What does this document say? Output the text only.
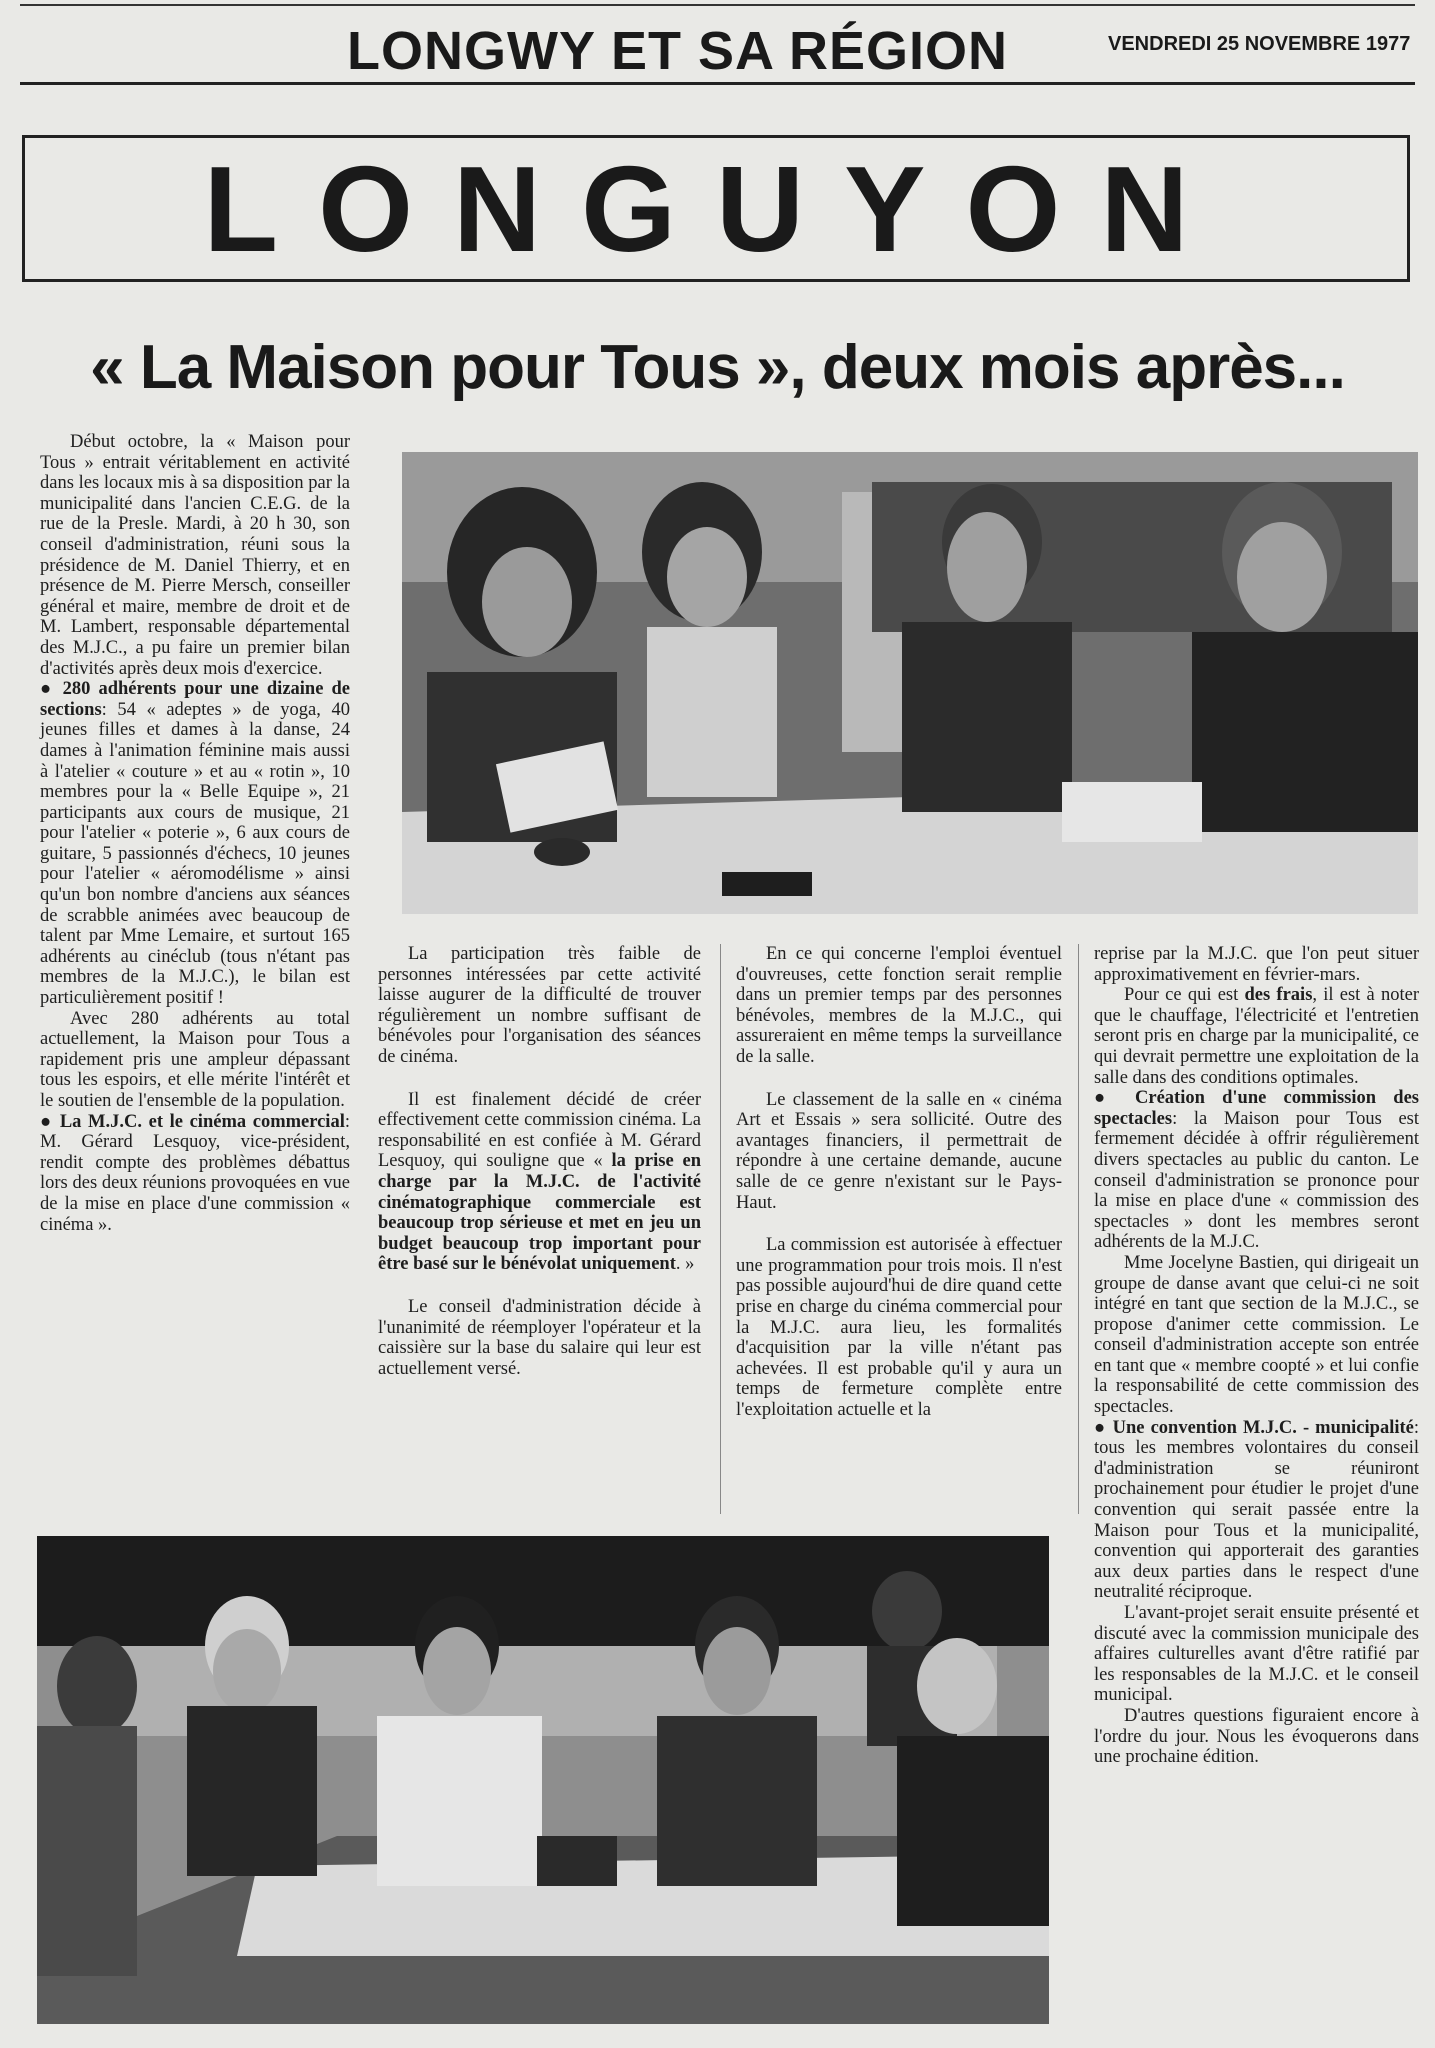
LONGWY ET SA RÉGION	VENDREDI 25 NOVEMBRE 1977
LONGUYON
« La Maison pour Tous », deux mois après...

Début octobre, la « Maison pour Tous » entrait véritablement en activité dans les locaux mis à sa disposition par la municipalité dans l'ancien C.E.G. de la rue de la Presle. Mardi, à 20 h 30, son conseil d'administration, réuni sous la présidence de M. Daniel Thierry, et en présence de M. Pierre Mersch, conseiller général et maire, membre de droit et de M. Lambert, responsable départemental des M.J.C., a pu faire un premier bilan d'activités après deux mois d'exercice.

● 280 adhérents pour une dizaine de sections: 54 « adeptes » de yoga, 40 jeunes filles et dames à la danse, 24 dames à l'animation féminine mais aussi à l'atelier « couture » et au « rotin », 10 membres pour la « Belle Equipe », 21 participants aux cours de musique, 21 pour l'atelier « poterie », 6 aux cours de guitare, 5 passionnés d'échecs, 10 jeunes pour l'atelier « aéromodélisme » ainsi qu'un bon nombre d'anciens aux séances de scrabble animées avec beaucoup de talent par Mme Lemaire, et surtout 165 adhérents au cinéclub (tous n'étant pas membres de la M.J.C.), le bilan est particulièrement positif !

Avec 280 adhérents au total actuellement, la Maison pour Tous a rapidement pris une ampleur dépassant tous les espoirs, et elle mérite l'intérêt et le soutien de l'ensemble de la population.

● La M.J.C. et le cinéma commercial: M. Gérard Lesquoy, vice-président, rendit compte des problèmes débattus lors des deux réunions provoquées en vue de la mise en place d'une commission « cinéma ».

La participation très faible de personnes intéressées par cette activité laisse augurer de la difficulté de trouver régulièrement un nombre suffisant de bénévoles pour l'organisation des séances de cinéma.

Il est finalement décidé de créer effectivement cette commission cinéma. La responsabilité en est confiée à M. Gérard Lesquoy, qui souligne que « la prise en charge par la M.J.C. de l'activité cinématographique commerciale est beaucoup trop sérieuse et met en jeu un budget beaucoup trop important pour être basé sur le bénévolat uniquement. »

Le conseil d'administration décide à l'unanimité de réemployer l'opérateur et la caissière sur la base du salaire qui leur est actuellement versé.

En ce qui concerne l'emploi éventuel d'ouvreuses, cette fonction serait remplie dans un premier temps par des personnes bénévoles, membres de la M.J.C., qui assureraient en même temps la surveillance de la salle.

Le classement de la salle en « cinéma Art et Essais » sera sollicité. Outre des avantages financiers, il permettrait de répondre à une certaine demande, aucune salle de ce genre n'existant sur le Pays-Haut.

La commission est autorisée à effectuer une programmation pour trois mois. Il n'est pas possible aujourd'hui de dire quand cette prise en charge du cinéma commercial pour la M.J.C. aura lieu, les formalités d'acquisition par la ville n'étant pas achevées. Il est probable qu'il y aura un temps de fermeture complète entre l'exploitation actuelle et la

reprise par la M.J.C. que l'on peut situer approximativement en février-mars.

Pour ce qui est des frais, il est à noter que le chauffage, l'électricité et l'entretien seront pris en charge par la municipalité, ce qui devrait permettre une exploitation de la salle dans des conditions optimales.

● Création d'une commission des spectacles: la Maison pour Tous est fermement décidée à offrir régulièrement divers spectacles au public du canton. Le conseil d'administration se prononce pour la mise en place d'une « commission des spectacles » dont les membres seront adhérents de la M.J.C.

Mme Jocelyne Bastien, qui dirigeait un groupe de danse avant que celui-ci ne soit intégré en tant que section de la M.J.C., se propose d'animer cette commission. Le conseil d'administration accepte son entrée en tant que « membre coopté » et lui confie la responsabilité de cette commission des spectacles.

● Une convention M.J.C. - municipalité: tous les membres volontaires du conseil d'administration se réuniront prochainement pour étudier le projet d'une convention qui serait passée entre la Maison pour Tous et la municipalité, convention qui apporterait des garanties aux deux parties dans le respect d'une neutralité réciproque.

L'avant-projet serait ensuite présenté et discuté avec la commission municipale des affaires culturelles avant d'être ratifié par les responsables de la M.J.C. et le conseil municipal.

D'autres questions figuraient encore à l'ordre du jour. Nous les évoquerons dans une prochaine édition.
